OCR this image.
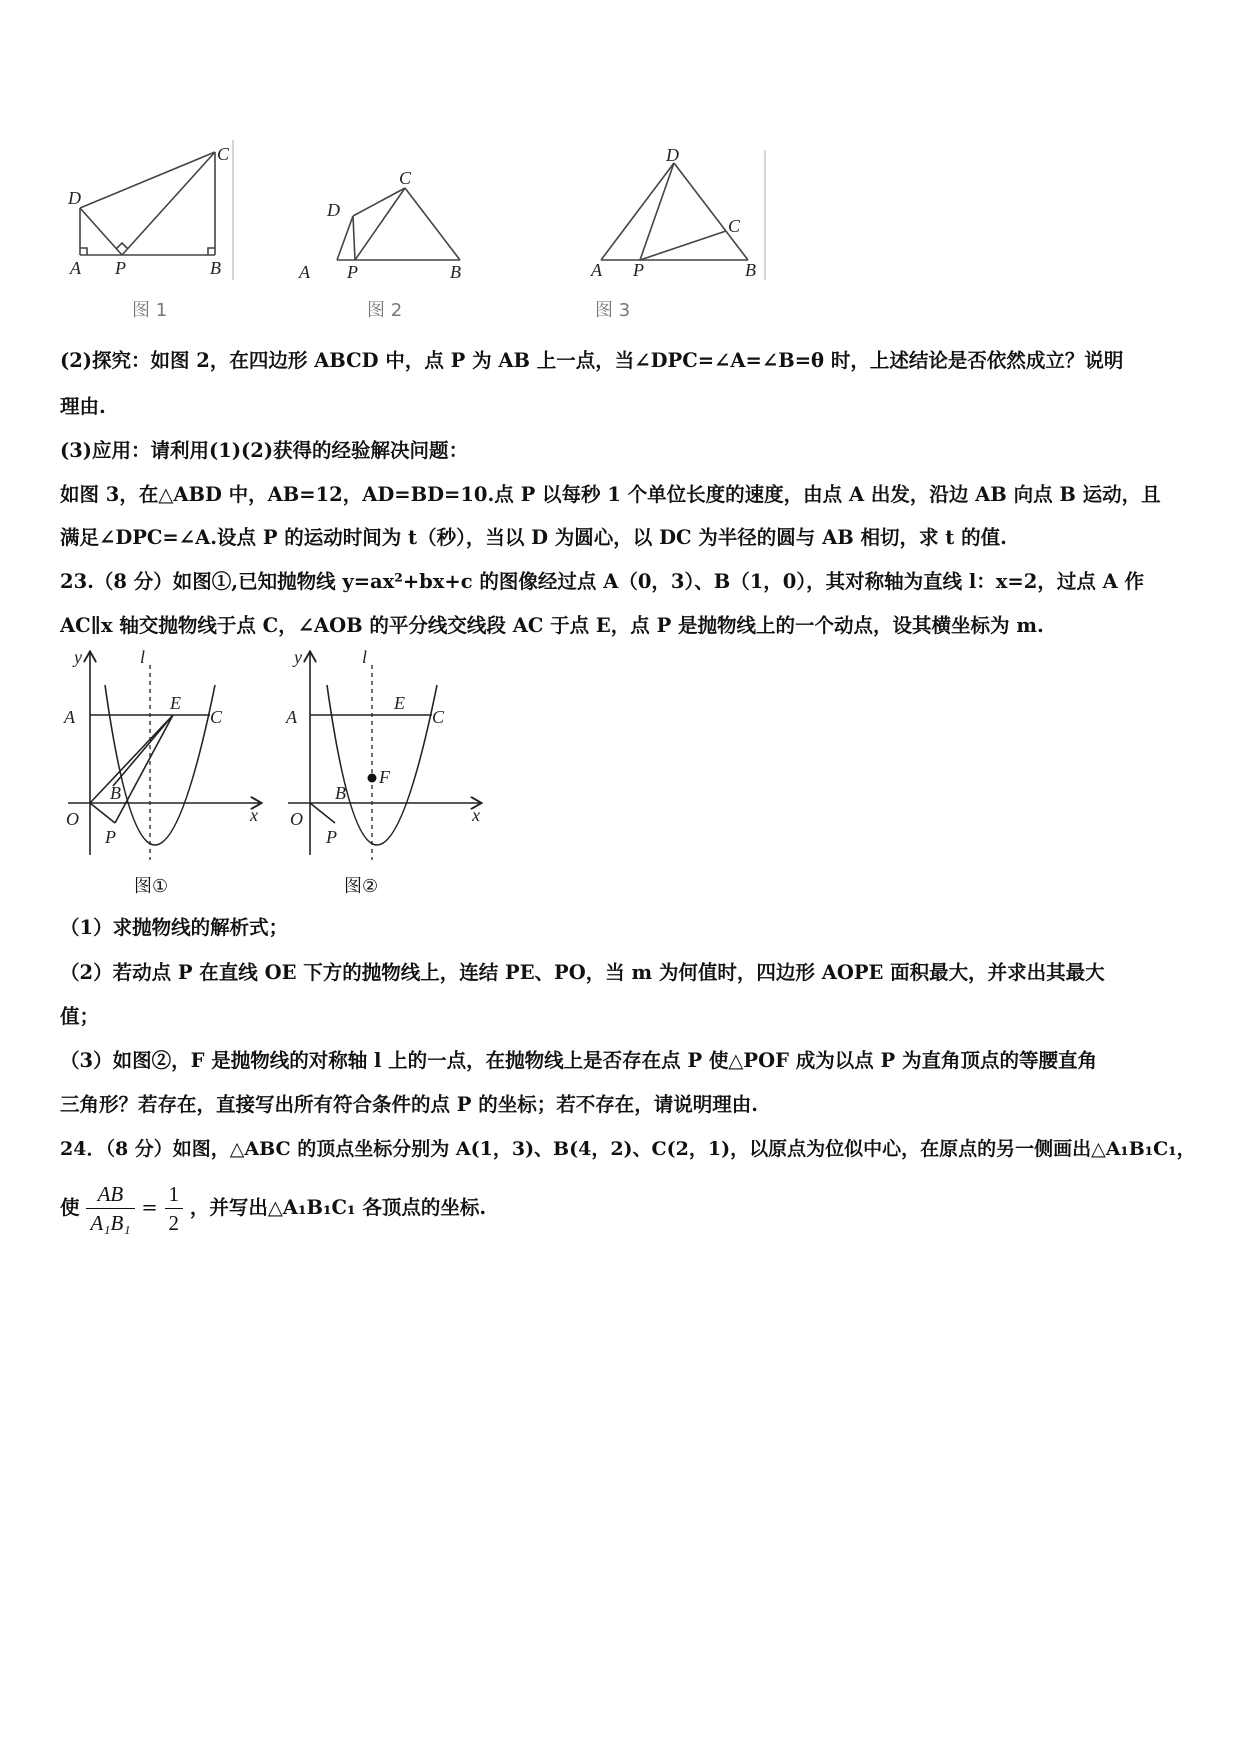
D
A P	B
C
图 1
D
A P	B
C
图 2
D
A P	B
C
图 3
(2)探究：如图 2，在四边形 ABCD 中，点 P 为 AB 上一点，当∠DPC=∠A=∠B=θ 时，上述结论是否依然成立？说明
理由.
(3)应用：请利用(1)(2)获得的经验解决问题：
如图 3，在△ABD 中，AB=12，AD=BD=10.点 P 以每秒 1 个单位长度的速度，由点 A 出发，沿边 AB 向点 B 运动，且
满足∠DPC=∠A.设点 P 的运动时间为 t（秒），当以 D 为圆心，以 DC 为半径的圆与 AB 相切，求 t 的值.
23.（8 分）如图①,已知抛物线 y=ax²+bx+c 的图像经过点 A（0，3）、B（1，0），其对称轴为直线 l：x=2，过点 A 作
AC∥x 轴交抛物线于点 C，∠AOB 的平分线交线段 AC 于点 E，点 P 是抛物线上的一个动点，设其横坐标为 m.
y	l
A
E
C
B
O
P
x
图①
y	l
A
E
C
F
B
O
P
x
图②
（1）求抛物线的解析式；
（2）若动点 P 在直线 OE 下方的抛物线上，连结 PE、PO，当 m 为何值时，四边形 AOPE 面积最大，并求出其最大
值；
（3）如图②，F 是抛物线的对称轴 l 上的一点，在抛物线上是否存在点 P 使△POF 成为以点 P 为直角顶点的等腰直角
三角形？若存在，直接写出所有符合条件的点 P 的坐标；若不存在，请说明理由.
24．（8 分）如图，△ABC 的顶点坐标分别为 A(1，3)、B(4，2)、C(2，1)，以原点为位似中心，在原点的另一侧画出△A₁B₁C₁，
使 $\frac{AB}{\text{A₁B₁}} = \frac{1}{2}$ ，并写出△A₁B₁C₁ 各顶点的坐标.
